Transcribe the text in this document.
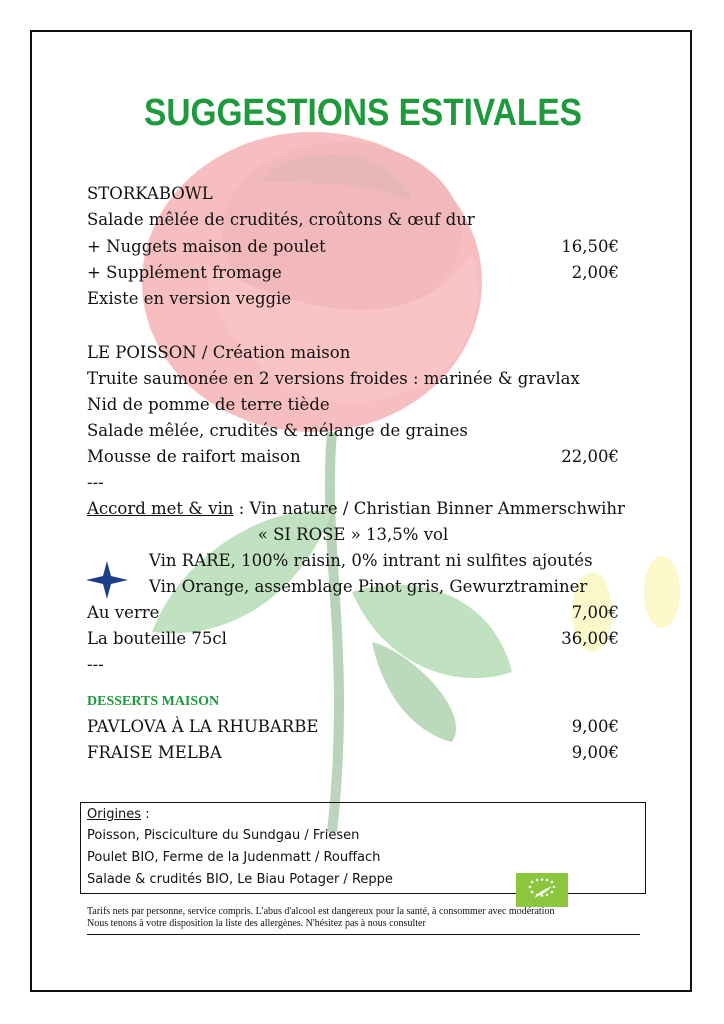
SUGGESTIONS ESTIVALES
STORKABOWL
Salade mêlée de crudités, croûtons & œuf dur
+ Nuggets maison de poulet	16,50€
+ Supplément fromage	2,00€
Existe en version veggie
LE POISSON / Création maison
Truite saumonée en 2 versions froides : marinée & gravlax
Nid de pomme de terre tiède
Salade mêlée, crudités & mélange de graines
Mousse de raifort maison	22,00€
---
Accord met & vin : Vin nature / Christian Binner Ammerschwihr
« SI ROSE » 13,5% vol
Vin RARE, 100% raisin, 0% intrant ni sulfites ajoutés
Vin Orange, assemblage Pinot gris, Gewurztraminer
Au verre	7,00€
La bouteille 75cl	36,00€
---
DESSERTS MAISON
PAVLOVA À LA RHUBARBE	9,00€
FRAISE MELBA	9,00€
Origines :
Poisson, Pisciculture du Sundgau / Friesen
Poulet BIO, Ferme de la Judenmatt / Rouffach
Salade & crudités BIO, Le Biau Potager / Reppe
Tarifs nets par personne, service compris. L'abus d'alcool est dangereux pour la santé, à consommer avec modération
Nous tenons à votre disposition la liste des allergènes. N'hésitez pas à nous consulter
